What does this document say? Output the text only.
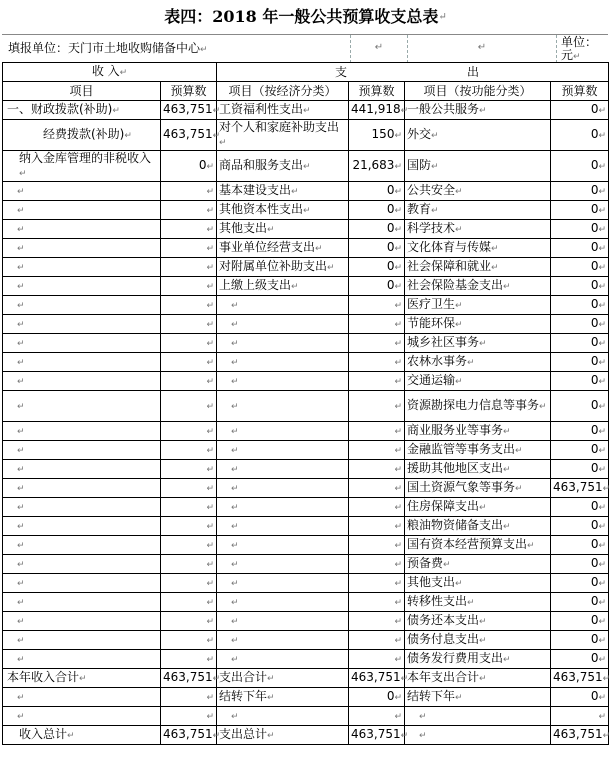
表四：2018 年一般公共预算收支总表↵
填报单位：天门市土地收购储备中心↵	↵	↵	单位：元↵
收 入↵		支 出			

项目	预算数	项目（按经济分类）	预算数	项目（按功能分类）	预算数
一、财政拨款(补助)↵	463,751↵	工资福利性支出↵	441,918↵	一般公共服务↵	0↵
经费拨款(补助)↵	463,751↵	对个人和家庭补助支出↵	150↵	外交↵	0↵
纳入金库管理的非税收入↵	0↵	商品和服务支出↵	21,683↵	国防↵	0↵
↵	↵	基本建设支出↵	0↵	公共安全↵	0↵
↵	↵	其他资本性支出↵	0↵	教育↵	0↵
↵	↵	其他支出↵	0↵	科学技术↵	0↵
↵	↵	事业单位经营支出↵	0↵	文化体育与传媒↵	0↵
↵	↵	对附属单位补助支出↵	0↵	社会保障和就业↵	0↵
↵	↵	上缴上级支出↵	0↵	社会保险基金支出↵	0↵
↵	↵	↵	↵	医疗卫生↵	0↵
↵	↵	↵	↵	节能环保↵	0↵
↵	↵	↵	↵	城乡社区事务↵	0↵
↵	↵	↵	↵	农林水事务↵	0↵
↵	↵	↵	↵	交通运输↵	0↵
↵	↵	↵	↵	资源勘探电力信息等事务↵	0↵
↵	↵	↵	↵	商业服务业等事务↵	0↵
↵	↵	↵	↵	金融监管等事务支出↵	0↵
↵	↵	↵	↵	援助其他地区支出↵	0↵
↵	↵	↵	↵	国土资源气象等事务↵	463,751↵
↵	↵	↵	↵	住房保障支出↵	0↵
↵	↵	↵	↵	粮油物资储备支出↵	0↵
↵	↵	↵	↵	国有资本经营预算支出↵	0↵
↵	↵	↵	↵	预备费↵	0↵
↵	↵	↵	↵	其他支出↵	0↵
↵	↵	↵	↵	转移性支出↵	0↵
↵	↵	↵	↵	债务还本支出↵	0↵
↵	↵	↵	↵	债务付息支出↵	0↵
↵	↵	↵	↵	债务发行费用支出↵	0↵
本年收入合计↵	463,751↵	支出合计↵	463,751↵	本年支出合计↵	463,751↵
↵	↵	结转下年↵	0↵	结转下年↵	0↵
↵	↵	↵	↵	↵	↵
收入总计↵	463,751↵	支出总计↵	463,751↵	↵	463,751↵
